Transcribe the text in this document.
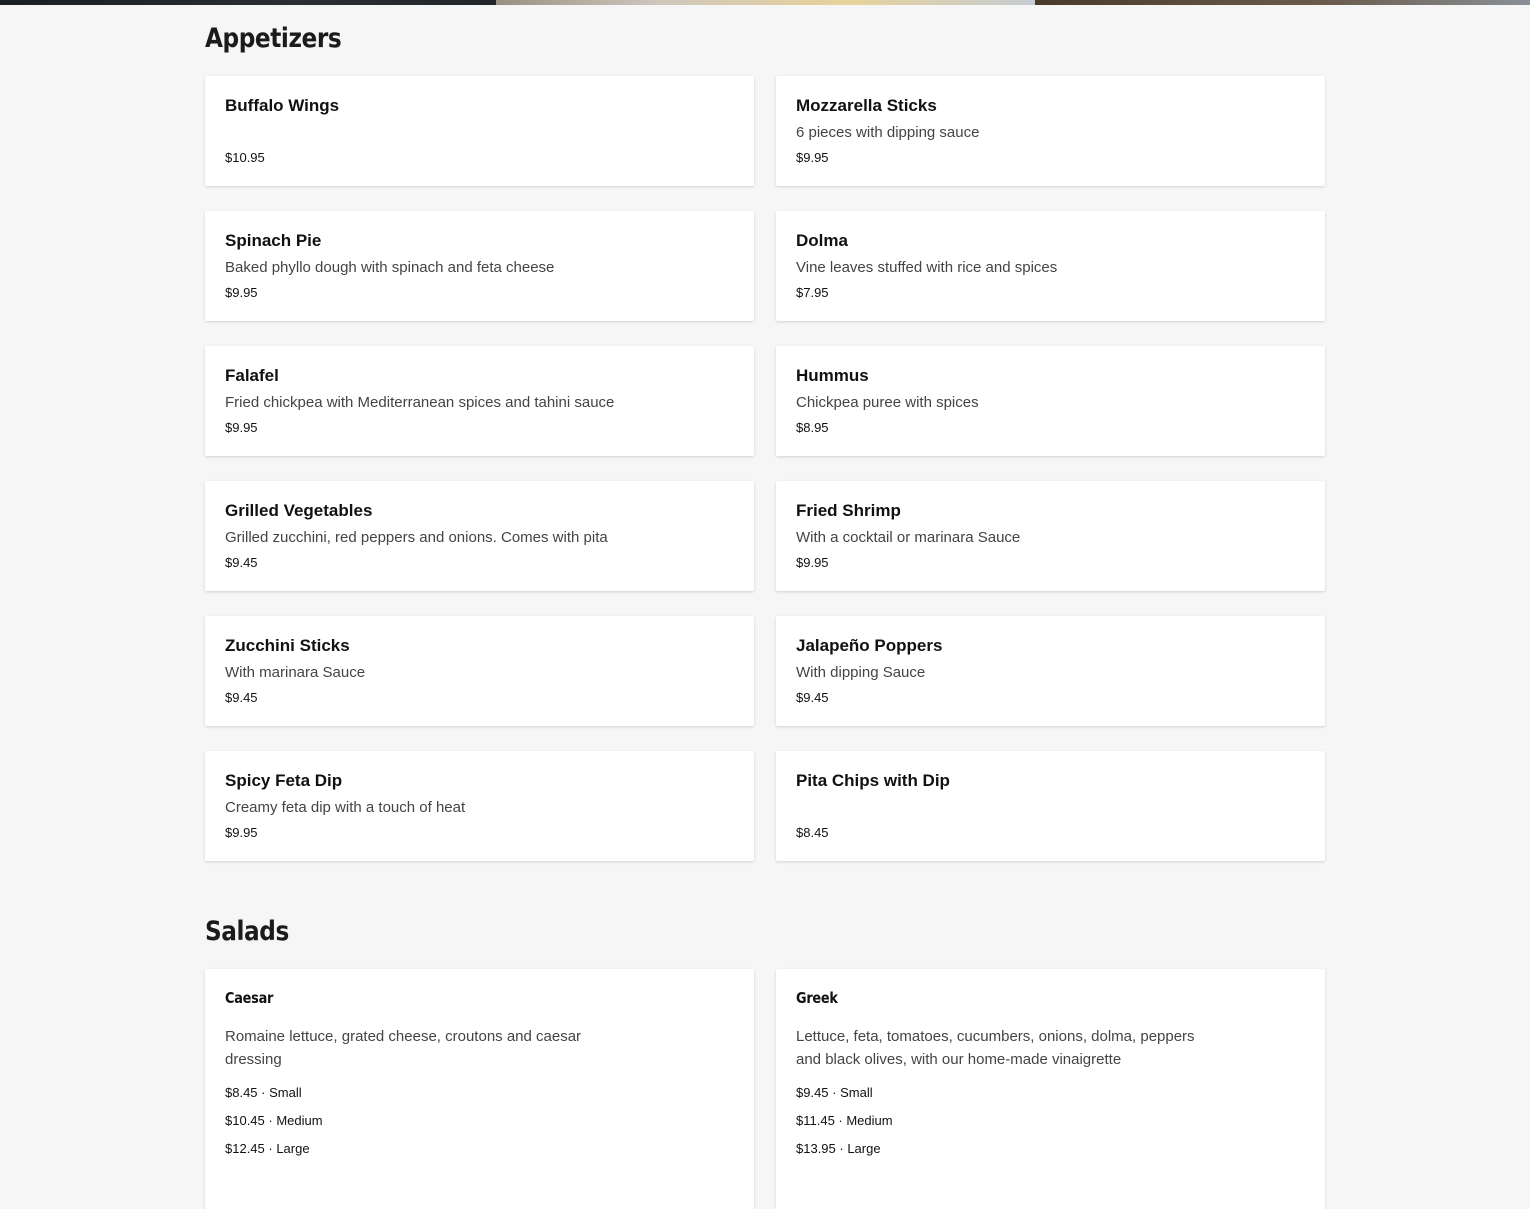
Appetizers
Buffalo Wings
$10.95
Mozzarella Sticks
6 pieces with dipping sauce
$9.95
Spinach Pie
Baked phyllo dough with spinach and feta cheese
$9.95
Dolma
Vine leaves stuffed with rice and spices
$7.95
Falafel
Fried chickpea with Mediterranean spices and tahini sauce
$9.95
Hummus
Chickpea puree with spices
$8.95
Grilled Vegetables
Grilled zucchini, red peppers and onions. Comes with pita
$9.45
Fried Shrimp
With a cocktail or marinara Sauce
$9.95
Zucchini Sticks
With marinara Sauce
$9.45
Jalapeño Poppers
With dipping Sauce
$9.45
Spicy Feta Dip
Creamy feta dip with a touch of heat
$9.95
Pita Chips with Dip
$8.45
Salads
Caesar
Romaine lettuce, grated cheese, croutons and caesar dressing
$8.45 · Small
$10.45 · Medium
$12.45 · Large
Greek
Lettuce, feta, tomatoes, cucumbers, onions, dolma, peppers and black olives, with our home-made vinaigrette
$9.45 · Small
$11.45 · Medium
$13.95 · Large
